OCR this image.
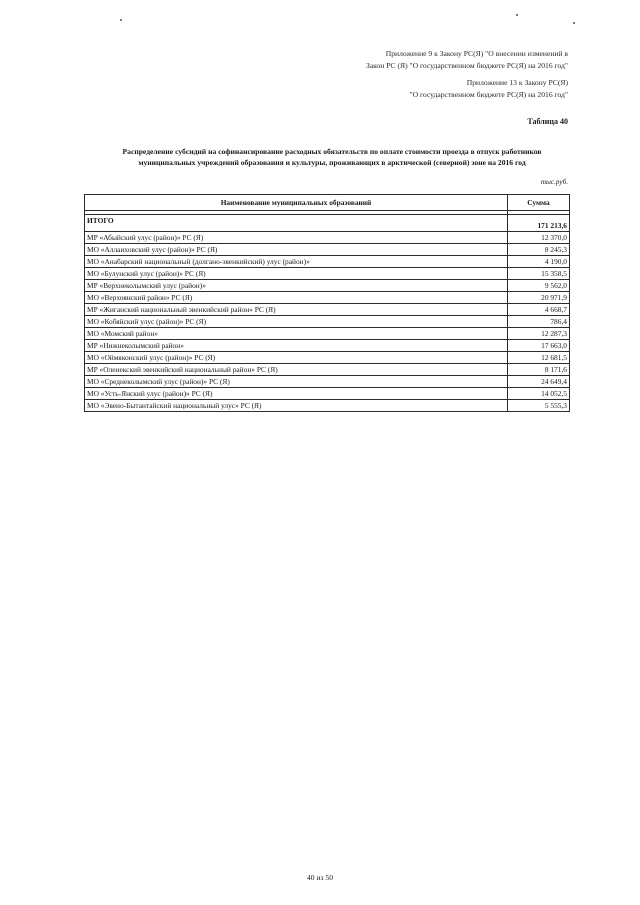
Приложение 9 к Закону РС(Я) "О внесении изменений в
Закон РС (Я) "О государственном бюджете РС(Я) на 2016 год"
Приложение 13 к Закону РС(Я)
"О государственном бюджете РС(Я) на 2016 год"
Таблица 40
Распределение субсидий на софинансирование расходных обязательств по оплате стоимости проезда в отпуск работников
муниципальных учреждений образования и культуры, проживающих в арктической (северной) зоне на 2016 год
тыс.руб.
Наименование муниципальных образований	Сумма

ИТОГО	171 213,6
МР «Абыйский улус (район)» РС (Я)	12 370,0
МО «Аллаиховский улус (район)» РС (Я)	8 245,3
МО «Анабарский национальный (долгано-эвенкийский) улус (район)»	4 190,0
МО «Булунский улус (район)» РС (Я)	15 358,5
МР «Верхнеколымский улус (район)»	9 562,0
МО «Верхоянский район» РС (Я)	20 971,9
МР «Жиганский национальный эвенкийский район» РС (Я)	4 668,7
МО «Кобяйский улус (район)» РС (Я)	786,4
МО «Момский район»	12 287,3
МР «Нижнеколымский район»	17 663,0
МО «Оймяконский улус (район)» РС (Я)	12 681,5
МР «Оленекский эвенкийский национальный район» РС (Я)	8 171,6
МО «Среднеколымский улус (район)» РС (Я)	24 649,4
МО «Усть-Янский улус (район)» РС (Я)	14 052,5
МО «Эвено-Бытантайский национальный улус» РС (Я)	5 555,3
40 из 50
